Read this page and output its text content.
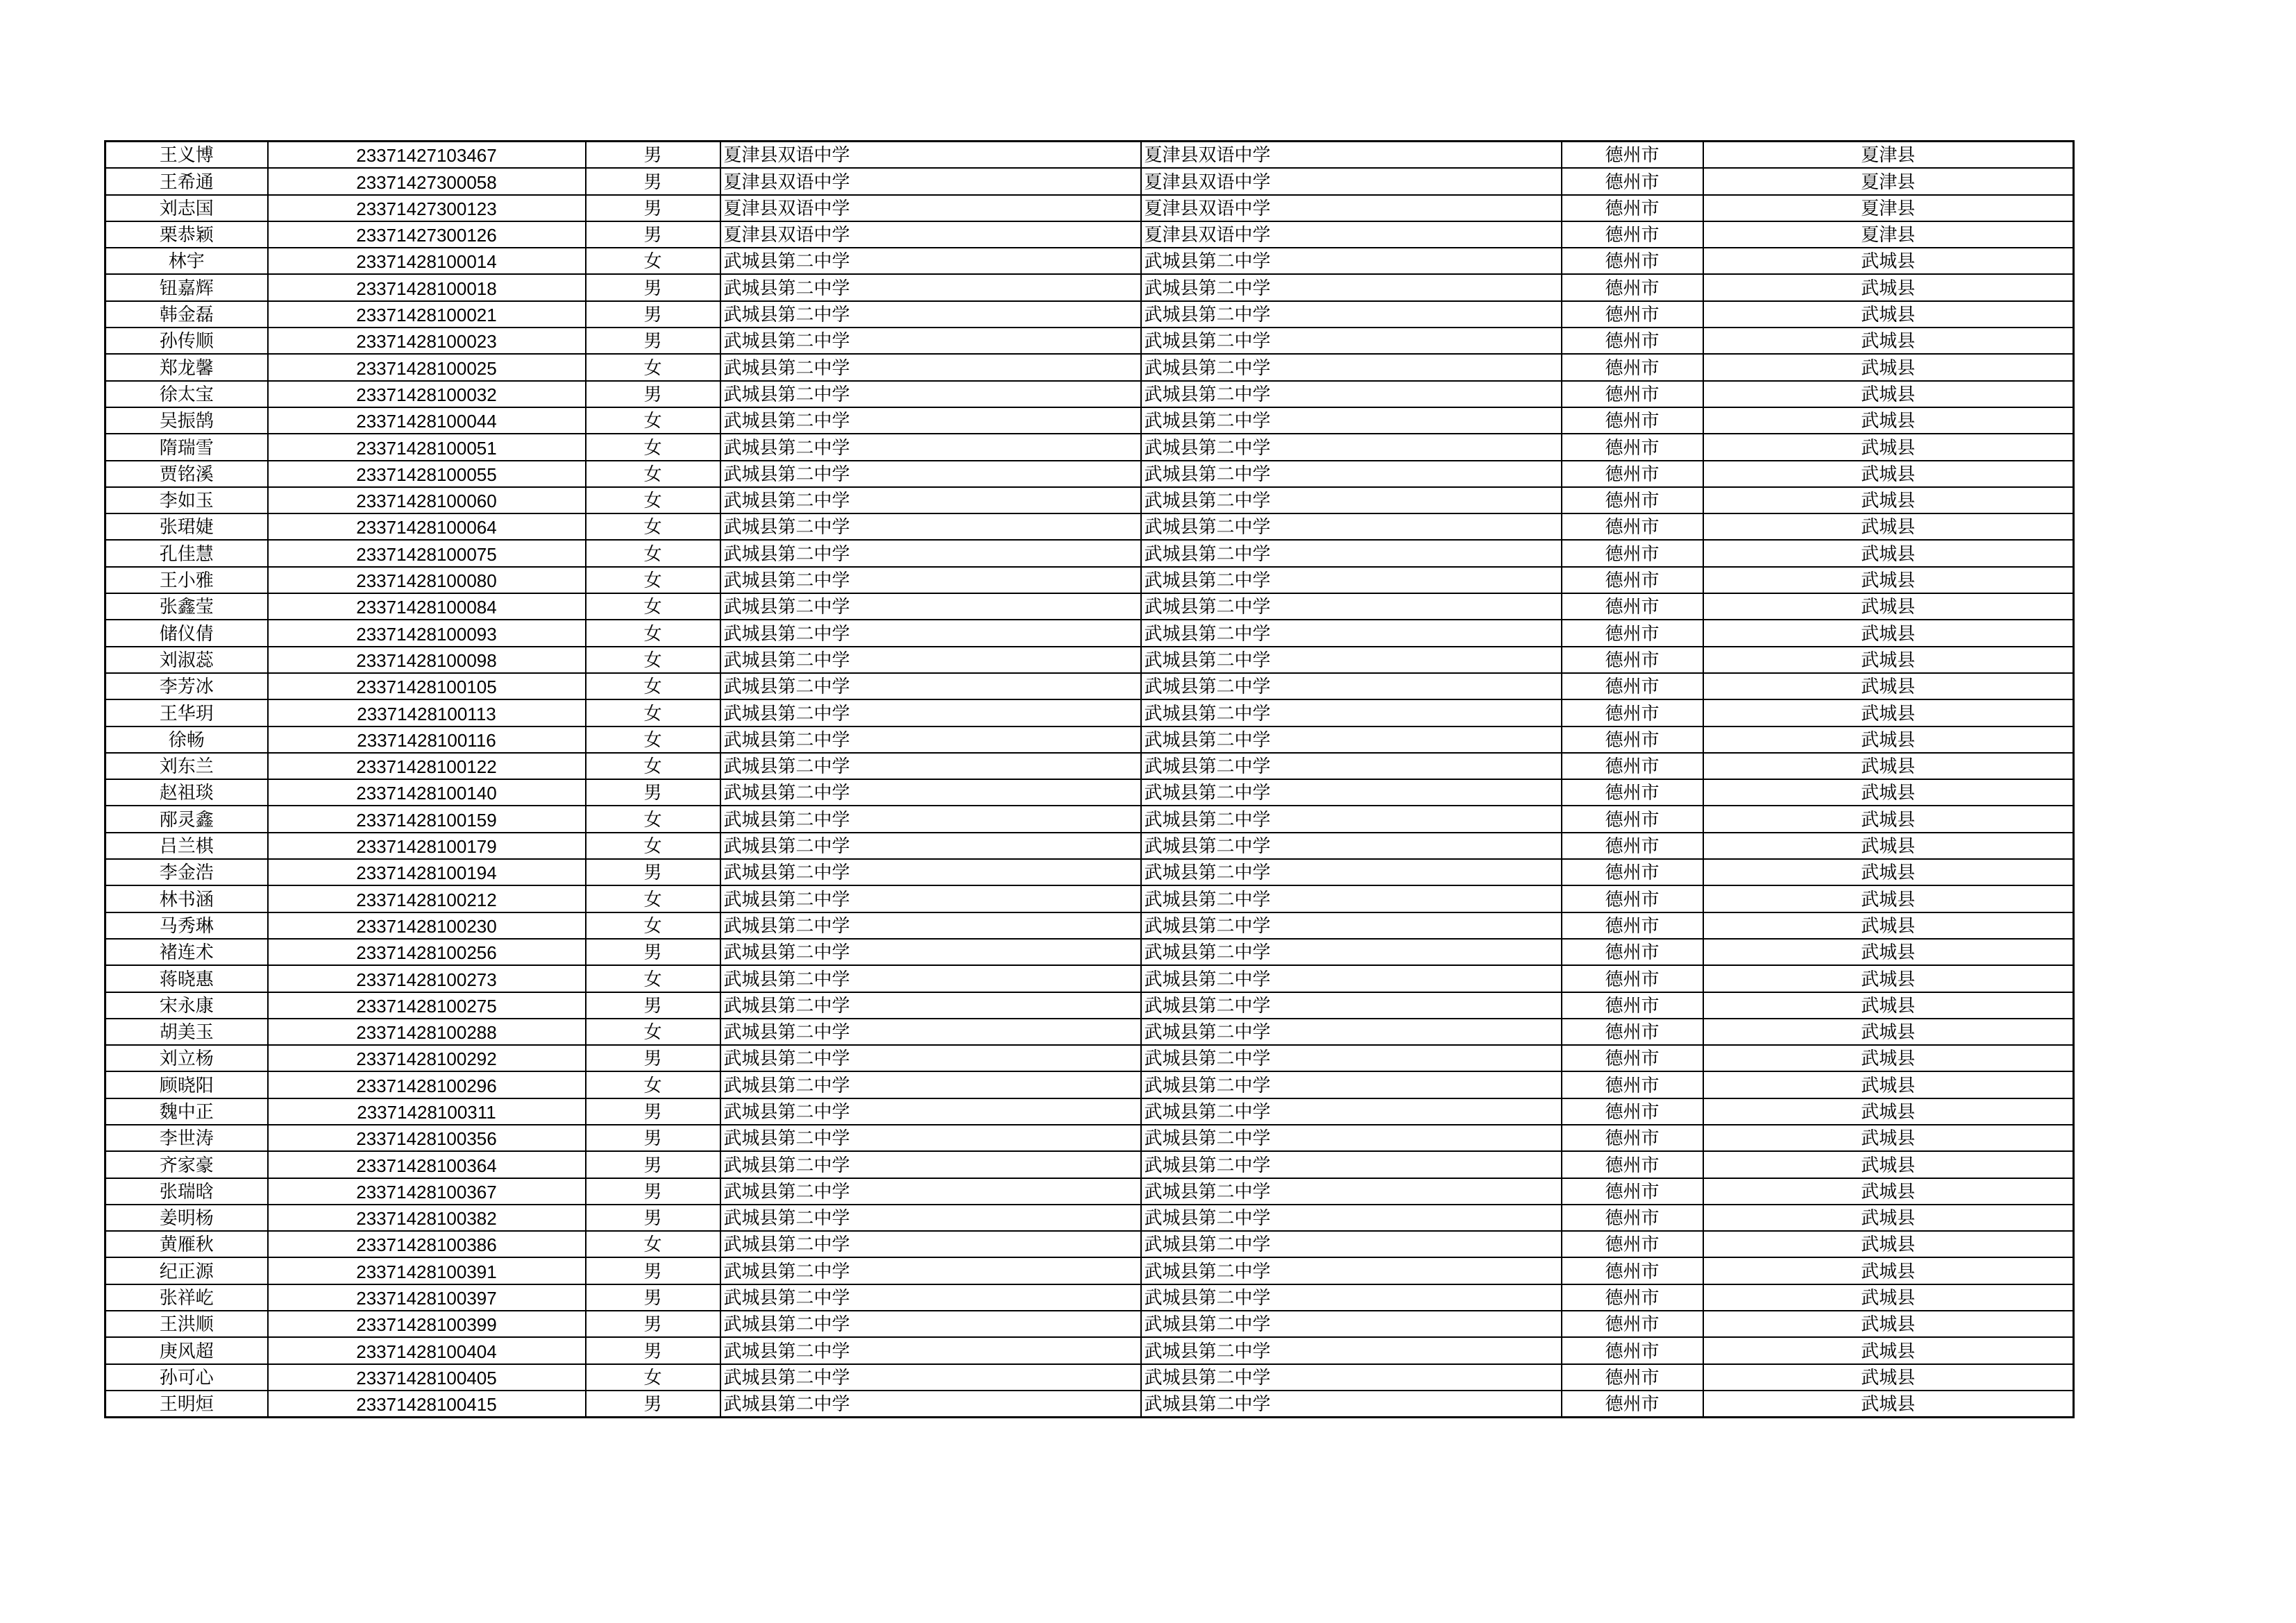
王义博	23371427103467	男	夏津县双语中学	夏津县双语中学	德州市	夏津县
王希通	23371427300058	男	夏津县双语中学	夏津县双语中学	德州市	夏津县
刘志国	23371427300123	男	夏津县双语中学	夏津县双语中学	德州市	夏津县
栗恭颖	23371427300126	男	夏津县双语中学	夏津县双语中学	德州市	夏津县
林宇	23371428100014	女	武城县第二中学	武城县第二中学	德州市	武城县
钮嘉辉	23371428100018	男	武城县第二中学	武城县第二中学	德州市	武城县
韩金磊	23371428100021	男	武城县第二中学	武城县第二中学	德州市	武城县
孙传顺	23371428100023	男	武城县第二中学	武城县第二中学	德州市	武城县
郑龙馨	23371428100025	女	武城县第二中学	武城县第二中学	德州市	武城县
徐太宝	23371428100032	男	武城县第二中学	武城县第二中学	德州市	武城县
吴振鹄	23371428100044	女	武城县第二中学	武城县第二中学	德州市	武城县
隋瑞雪	23371428100051	女	武城县第二中学	武城县第二中学	德州市	武城县
贾铭溪	23371428100055	女	武城县第二中学	武城县第二中学	德州市	武城县
李如玉	23371428100060	女	武城县第二中学	武城县第二中学	德州市	武城县
张珺婕	23371428100064	女	武城县第二中学	武城县第二中学	德州市	武城县
孔佳慧	23371428100075	女	武城县第二中学	武城县第二中学	德州市	武城县
王小雅	23371428100080	女	武城县第二中学	武城县第二中学	德州市	武城县
张鑫莹	23371428100084	女	武城县第二中学	武城县第二中学	德州市	武城县
储仪倩	23371428100093	女	武城县第二中学	武城县第二中学	德州市	武城县
刘淑蕊	23371428100098	女	武城县第二中学	武城县第二中学	德州市	武城县
李芳冰	23371428100105	女	武城县第二中学	武城县第二中学	德州市	武城县
王华玥	23371428100113	女	武城县第二中学	武城县第二中学	德州市	武城县
徐畅	23371428100116	女	武城县第二中学	武城县第二中学	德州市	武城县
刘东兰	23371428100122	女	武城县第二中学	武城县第二中学	德州市	武城县
赵祖琰	23371428100140	男	武城县第二中学	武城县第二中学	德州市	武城县
邴灵鑫	23371428100159	女	武城县第二中学	武城县第二中学	德州市	武城县
吕兰棋	23371428100179	女	武城县第二中学	武城县第二中学	德州市	武城县
李金浩	23371428100194	男	武城县第二中学	武城县第二中学	德州市	武城县
林书涵	23371428100212	女	武城县第二中学	武城县第二中学	德州市	武城县
马秀琳	23371428100230	女	武城县第二中学	武城县第二中学	德州市	武城县
褚连术	23371428100256	男	武城县第二中学	武城县第二中学	德州市	武城县
蒋晓惠	23371428100273	女	武城县第二中学	武城县第二中学	德州市	武城县
宋永康	23371428100275	男	武城县第二中学	武城县第二中学	德州市	武城县
胡美玉	23371428100288	女	武城县第二中学	武城县第二中学	德州市	武城县
刘立杨	23371428100292	男	武城县第二中学	武城县第二中学	德州市	武城县
顾晓阳	23371428100296	女	武城县第二中学	武城县第二中学	德州市	武城县
魏中正	23371428100311	男	武城县第二中学	武城县第二中学	德州市	武城县
李世涛	23371428100356	男	武城县第二中学	武城县第二中学	德州市	武城县
齐家豪	23371428100364	男	武城县第二中学	武城县第二中学	德州市	武城县
张瑞晗	23371428100367	男	武城县第二中学	武城县第二中学	德州市	武城县
姜明杨	23371428100382	男	武城县第二中学	武城县第二中学	德州市	武城县
黄雁秋	23371428100386	女	武城县第二中学	武城县第二中学	德州市	武城县
纪正源	23371428100391	男	武城县第二中学	武城县第二中学	德州市	武城县
张祥屹	23371428100397	男	武城县第二中学	武城县第二中学	德州市	武城县
王洪顺	23371428100399	男	武城县第二中学	武城县第二中学	德州市	武城县
庚风超	23371428100404	男	武城县第二中学	武城县第二中学	德州市	武城县
孙可心	23371428100405	女	武城县第二中学	武城县第二中学	德州市	武城县
王明烜	23371428100415	男	武城县第二中学	武城县第二中学	德州市	武城县
